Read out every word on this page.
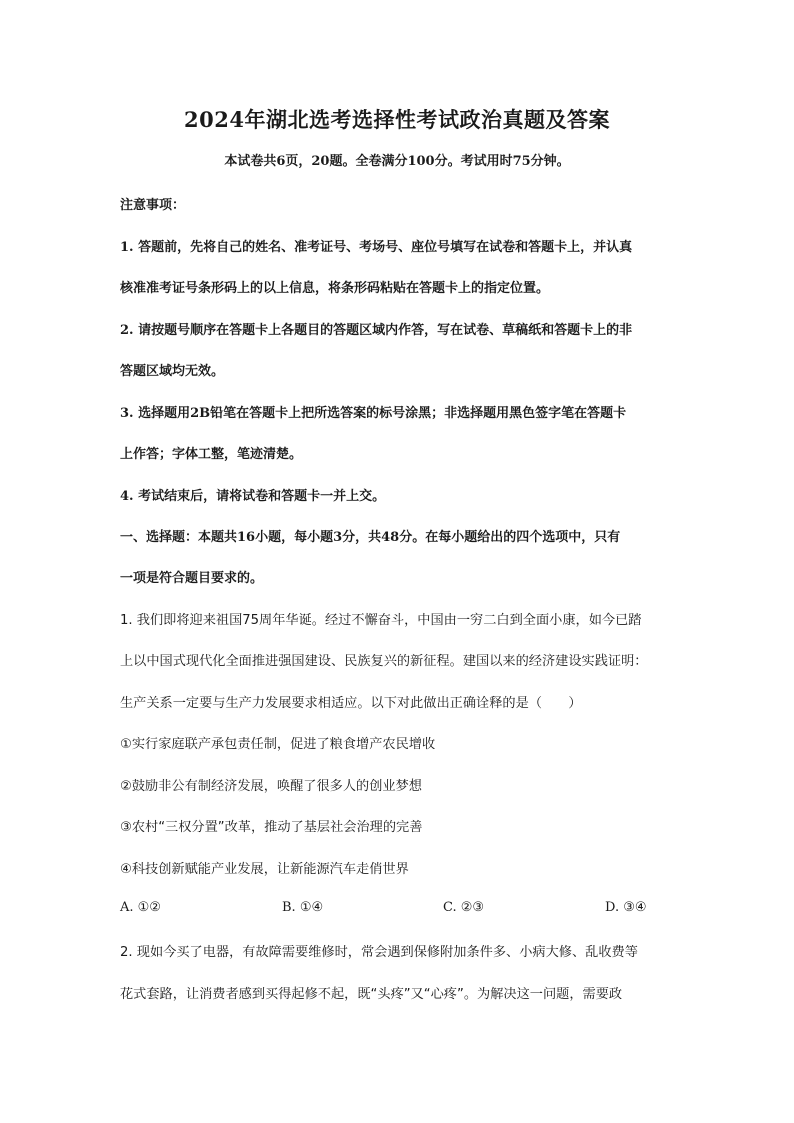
2024年湖北选考选择性考试政治真题及答案
本试卷共6页，20题。全卷满分100分。考试用时75分钟。
注意事项：
1. 答题前，先将自己的姓名、准考证号、考场号、座位号填写在试卷和答题卡上，并认真
核准准考证号条形码上的以上信息，将条形码粘贴在答题卡上的指定位置。
2. 请按题号顺序在答题卡上各题目的答题区域内作答，写在试卷、草稿纸和答题卡上的非
答题区域均无效。
3. 选择题用2B铅笔在答题卡上把所选答案的标号涂黑；非选择题用黑色签字笔在答题卡
上作答；字体工整，笔迹清楚。
4. 考试结束后，请将试卷和答题卡一并上交。
一、选择题：本题共16小题，每小题3分，共48分。在每小题给出的四个选项中，只有
一项是符合题目要求的。
1. 我们即将迎来祖国75周年华诞。经过不懈奋斗，中国由一穷二白到全面小康，如今已踏
上以中国式现代化全面推进强国建设、民族复兴的新征程。建国以来的经济建设实践证明：
生产关系一定要与生产力发展要求相适应。以下对此做出正确诠释的是（　　）
①实行家庭联产承包责任制，促进了粮食增产农民增收
②鼓励非公有制经济发展，唤醒了很多人的创业梦想
③农村“三权分置”改革，推动了基层社会治理的完善
④科技创新赋能产业发展，让新能源汽车走俏世界
A. ①②	B. ①④	C. ②③	D. ③④
2. 现如今买了电器，有故障需要维修时，常会遇到保修附加条件多、小病大修、乱收费等
花式套路，让消费者感到买得起修不起，既“头疼”又“心疼”。为解决这一问题，需要政
